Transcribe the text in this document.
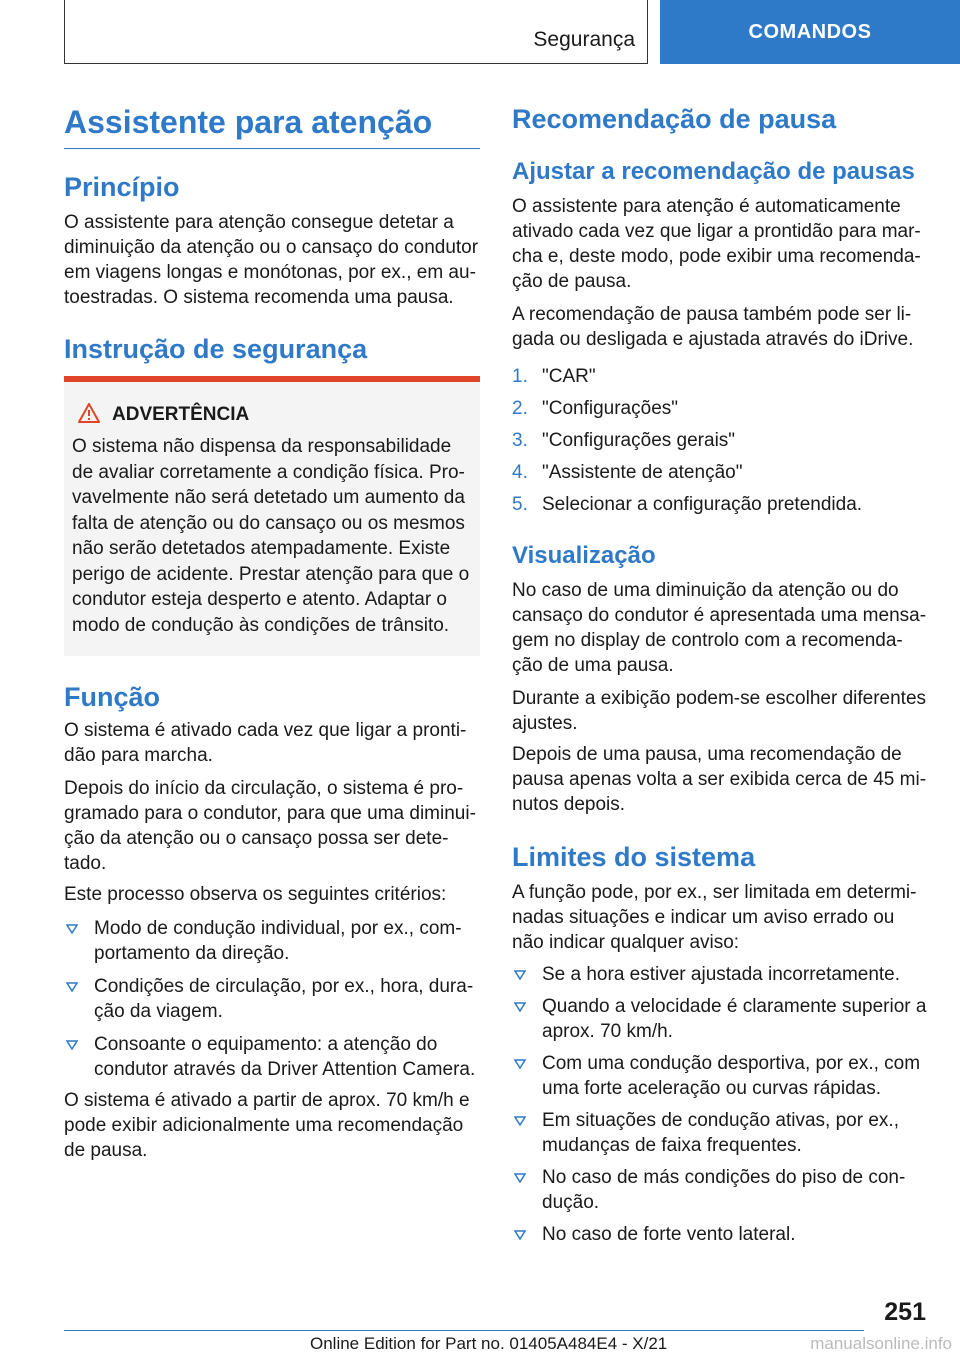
Segurança	COMANDOS
Assistente para atenção
Princípio

O assistente para atenção consegue detetar a diminuição da atenção ou o cansaço do condutor em viagens longas e monótonas, por ex., em au‐toestradas. O sistema recomenda uma pausa.

Instrução de segurança
ADVERTÊNCIA

O sistema não dispensa da responsabilidade de avaliar corretamente a condição física. Pro‐vavelmente não será detetado um aumento da falta de atenção ou do cansaço ou os mesmos não serão detetados atempadamente. Existe perigo de acidente. Prestar atenção para que o condutor esteja desperto e atento. Adaptar o modo de condução às condições de trânsito.

Função

O sistema é ativado cada vez que ligar a pronti‐dão para marcha.

Depois do início da circulação, o sistema é pro‐gramado para o condutor, para que uma diminui‐ção da atenção ou o cansaço possa ser dete‐tado.

Este processo observa os seguintes critérios:

Modo de condução individual, por ex., com‐portamento da direção.
Condições de circulação, por ex., hora, dura‐ção da viagem.
Consoante o equipamento: a atenção do condutor através da Driver Attention Camera.

O sistema é ativado a partir de aprox. 70 km/h e pode exibir adicionalmente uma recomendação de pausa.

Recomendação de pausa
Ajustar a recomendação de pausas

O assistente para atenção é automaticamente ativado cada vez que ligar a prontidão para mar‐cha e, deste modo, pode exibir uma recomenda‐ção de pausa.

A recomendação de pausa também pode ser li‐gada ou desligada e ajustada através do iDrive.

1. "CAR"
2. "Configurações"
3. "Configurações gerais"
4. "Assistente de atenção"
5. Selecionar a configuração pretendida.
Visualização

No caso de uma diminuição da atenção ou do cansaço do condutor é apresentada uma mensa‐gem no display de controlo com a recomenda‐ção de uma pausa.

Durante a exibição podem-se escolher diferentes ajustes.

Depois de uma pausa, uma recomendação de pausa apenas volta a ser exibida cerca de 45 mi‐nutos depois.

Limites do sistema

A função pode, por ex., ser limitada em determi‐nadas situações e indicar um aviso errado ou não indicar qualquer aviso:

Se a hora estiver ajustada incorretamente.
Quando a velocidade é claramente superior a aprox. 70 km/h.
Com uma condução desportiva, por ex., com uma forte aceleração ou curvas rápidas.
Em situações de condução ativas, por ex., mudanças de faixa frequentes.
No caso de más condições do piso de con‐dução.
No caso de forte vento lateral.
251
Online Edition for Part no. 01405A484E4 - X/21	manualsonline.info
